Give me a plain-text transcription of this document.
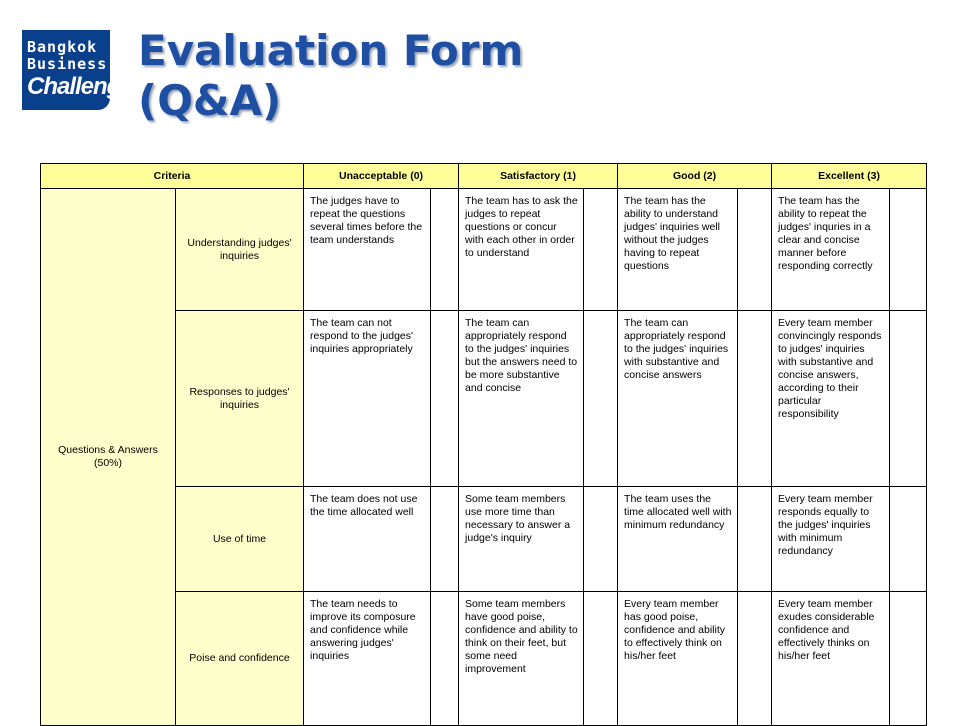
Bangkok
Business
Challenge
Evaluation Form
(Q&A)
Criteria		Unacceptable (0)		Satisfactory (1)		Good (2)		Excellent (3)	
Questions & Answers (50%)	Understanding judges' inquiries	The judges have to repeat the questions several times before the team understands		The team has to ask the judges to repeat questions or concur with each other in order to understand		The team has the ability to understand judges' inquiries well without the judges having to repeat questions		The team has the ability to repeat the judges' inquries in a clear and concise manner before responding correctly	
	Responses to judges' inquiries	The team can not respond to the judges' inquiries appropriately		The team can appropriately respond to the judges' inquiries but the answers need to be more substantive and concise		The team can appropriately respond to the judges' inquiries with substantive and concise answers		Every team member convincingly responds to judges' inquiries with substantive and concise answers, according to their particular responsibility	
	Use of time	The team does not use the time allocated well		Some team members use more time than necessary to answer a judge's inquiry		The team uses the time allocated well with minimum redundancy		Every team member responds equally to the judges' inquiries with minimum redundancy	
	Poise and confidence	The team needs to improve its composure and confidence while answering judges' inquiries		Some team members have good poise, confidence and ability to think on their feet, but some need improvement		Every team member has good poise, confidence and ability to effectively think on his/her feet		Every team member exudes considerable confidence and effectively thinks on his/her feet	
